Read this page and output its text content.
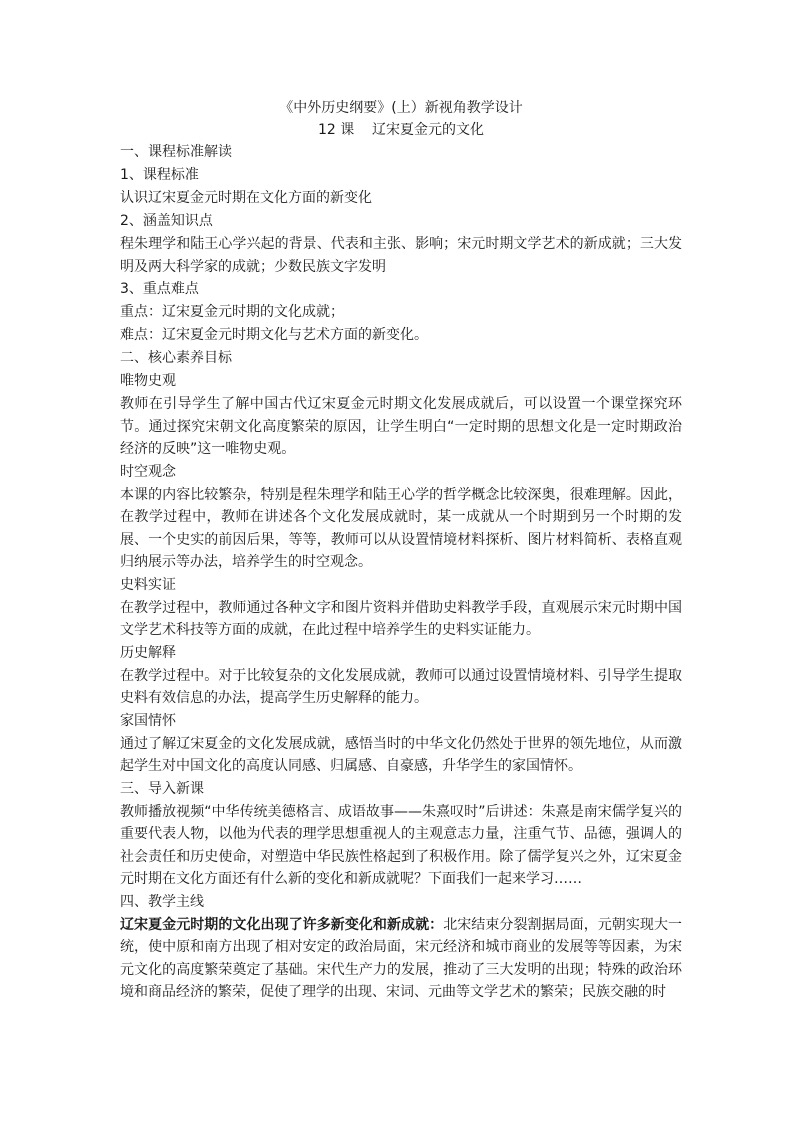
《中外历史纲要》(上）新视角教学设计

12 课    辽宋夏金元的文化

一、课程标准解读

1、课程标准

认识辽宋夏金元时期在文化方面的新变化

2、涵盖知识点

程朱理学和陆王心学兴起的背景、代表和主张、影响；宋元时期文学艺术的新成就；三大发明及两大科学家的成就；少数民族文字发明

3、重点难点

重点：辽宋夏金元时期的文化成就；

难点：辽宋夏金元时期文化与艺术方面的新变化。

二、核心素养目标

唯物史观

教师在引导学生了解中国古代辽宋夏金元时期文化发展成就后，可以设置一个课堂探究环节。通过探究宋朝文化高度繁荣的原因，让学生明白“一定时期的思想文化是一定时期政治经济的反映”这一唯物史观。

时空观念

本课的内容比较繁杂，特别是程朱理学和陆王心学的哲学概念比较深奥，很难理解。因此，在教学过程中，教师在讲述各个文化发展成就时，某一成就从一个时期到另一个时期的发展、一个史实的前因后果，等等，教师可以从设置情境材料探析、图片材料简析、表格直观归纳展示等办法，培养学生的时空观念。

史料实证

在教学过程中，教师通过各种文字和图片资料并借助史料教学手段，直观展示宋元时期中国文学艺术科技等方面的成就，在此过程中培养学生的史料实证能力。

历史解释

在教学过程中。对于比较复杂的文化发展成就，教师可以通过设置情境材料、引导学生提取史料有效信息的办法，提高学生历史解释的能力。

家国情怀

通过了解辽宋夏金的文化发展成就，感悟当时的中华文化仍然处于世界的领先地位，从而激起学生对中国文化的高度认同感、归属感、自豪感，升华学生的家国情怀。

三、导入新课

教师播放视频“中华传统美德格言、成语故事——朱熹叹时”后讲述：朱熹是南宋儒学复兴的重要代表人物，以他为代表的理学思想重视人的主观意志力量，注重气节、品德，强调人的社会责任和历史使命，对塑造中华民族性格起到了积极作用。除了儒学复兴之外，辽宋夏金元时期在文化方面还有什么新的变化和新成就呢？下面我们一起来学习……

四、教学主线

辽宋夏金元时期的文化出现了许多新变化和新成就：北宋结束分裂割据局面，元朝实现大一统，使中原和南方出现了相对安定的政治局面，宋元经济和城市商业的发展等等因素，为宋元文化的高度繁荣奠定了基础。宋代生产力的发展，推动了三大发明的出现；特殊的政治环境和商品经济的繁荣，促使了理学的出现、宋词、元曲等文学艺术的繁荣；民族交融的时
